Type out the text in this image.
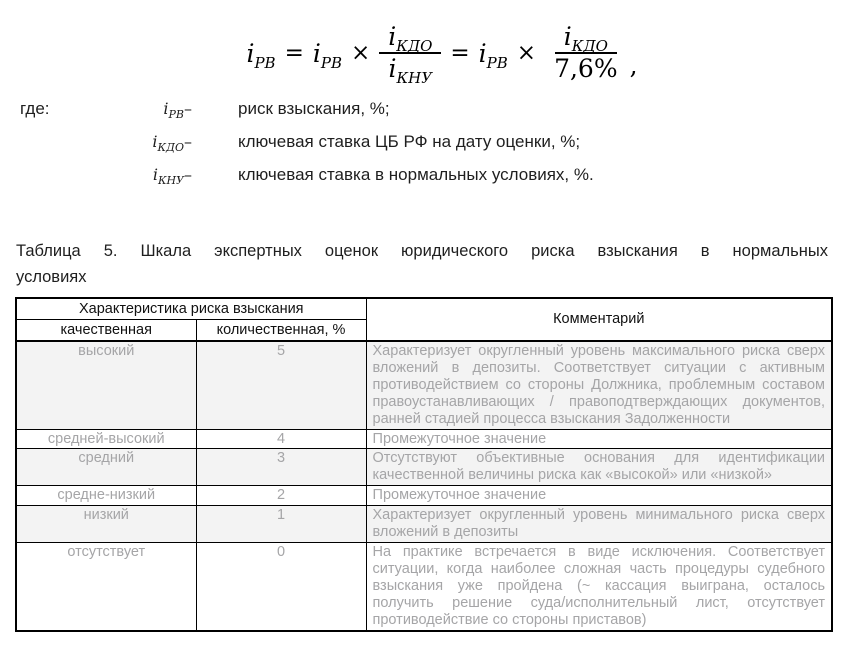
$i_{РВ} = i_{РВ} \times \frac{i_{КДО}}{i_{КНУ}} = i_{РВ} \times \frac{i_{КДО}}{7,6\%}$ ,
где:	$i_{РВ}-$	риск взыскания, %;
$i_{КДО}-$	ключевая ставка ЦБ РФ на дату оценки, %;
$i_{КНУ}-$	ключевая ставка в нормальных условиях, %.
Таблица 5. Шкала экспертных оценок юридического риска взыскания в нормальных
условиях
Характеристика риска взыскания		Комментарий
качественная	количественная, %	
высокий	5	Характеризует округленный уровень максимального риска сверх вложений в депозиты. Соответствует ситуации с активным противодействием со стороны Должника, проблемным составом правоустанавливающих / правоподтверждающих документов, ранней стадией процесса взыскания Задолженности
средней-высокий	4	Промежуточное значение
средний	3	Отсутствуют объективные основания для идентификации качественной величины риска как «высокой» или «низкой»
средне-низкий	2	Промежуточное значение
низкий	1	Характеризует округленный уровень минимального риска сверх вложений в депозиты
отсутствует	0	На практике встречается в виде исключения. Соответствует ситуации, когда наиболее сложная часть процедуры судебного взыскания уже пройдена (~ кассация выиграна, осталось получить решение суда/исполнительный лист, отсутствует противодействие со стороны приставов)
